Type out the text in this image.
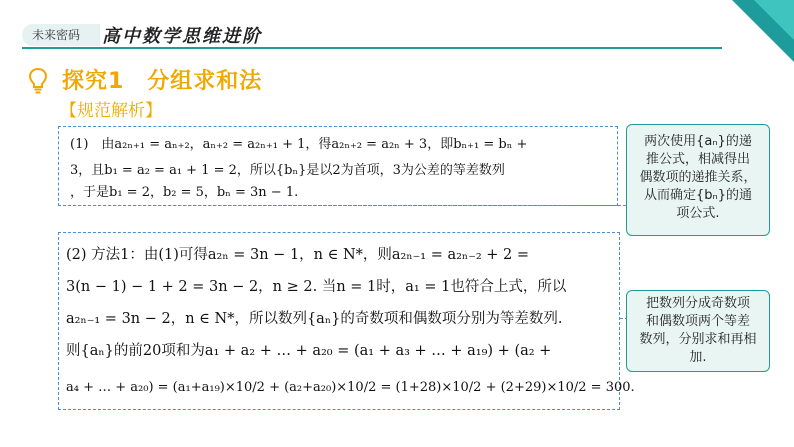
未来密码	高中数学思维进阶
探究1　分组求和法
【规范解析】
(1)　由a₂ₙ₊₁ = aₙ₊₂，aₙ₊₂ = a₂ₙ₊₁ + 1，得a₂ₙ₊₂ = a₂ₙ + 3，即bₙ₊₁ = bₙ +
3，且b₁ = a₂ = a₁ + 1 = 2，所以{bₙ}是以2为首项，3为公差的等差数列
，于是b₁ = 2，b₂ = 5，bₙ = 3n − 1.
(2) 方法1：由(1)可得a₂ₙ = 3n − 1，n ∈ N*，则a₂ₙ₋₁ = a₂ₙ₋₂ + 2 =
3(n − 1) − 1 + 2 = 3n − 2，n ≥ 2. 当n = 1时，a₁ = 1也符合上式，所以
a₂ₙ₋₁ = 3n − 2，n ∈ N*，所以数列{aₙ}的奇数项和偶数项分别为等差数列.
则{aₙ}的前20项和为a₁ + a₂ + … + a₂₀ = (a₁ + a₃ + … + a₁₉) + (a₂ +
a₄ + … + a₂₀) = (a₁+a₁₉)×10/2 + (a₂+a₂₀)×10/2 = (1+28)×10/2 + (2+29)×10/2 = 300.
两次使用{aₙ}的递
推公式，相减得出
偶数项的递推关系，
从而确定{bₙ}的通
项公式.
把数列分成奇数项
和偶数项两个等差
数列，分别求和再相
加.
